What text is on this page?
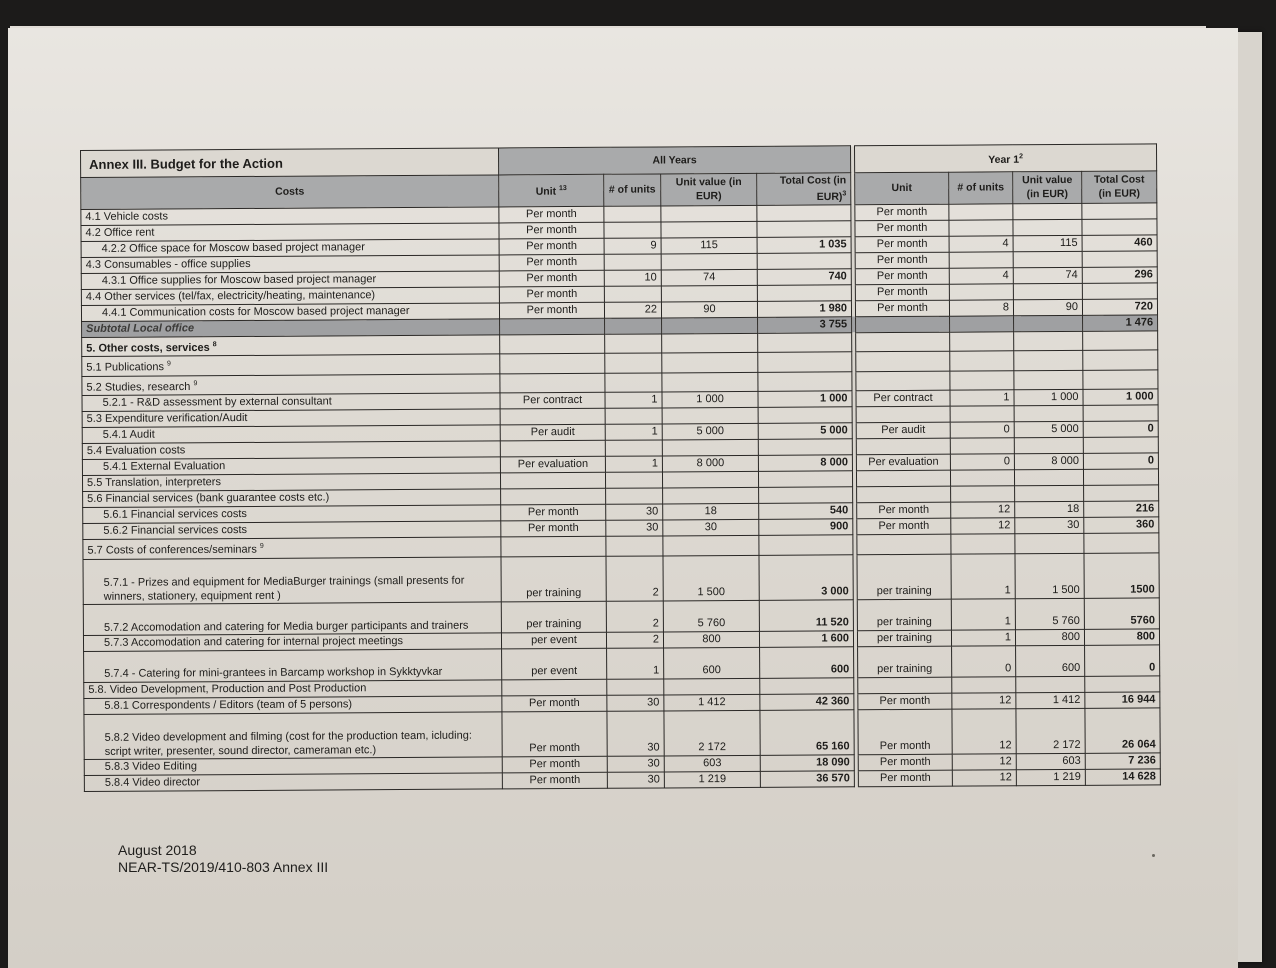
Annex III. Budget for the Action	All Years					Year $1^2$
Costs	Unit $^{13}$	# of units	Unit value (in EUR)	Total Cost (in EUR)$^3$		Unit	# of units	Unit value (in EUR)	Total Cost (in EUR)
4.1 Vehicle costs	Per month					Per month			
4.2 Office rent	Per month					Per month			
4.2.2 Office space for Moscow based project manager	Per month	9	115	1 035		Per month	4	115	460
4.3 Consumables - office supplies	Per month					Per month			
4.3.1 Office supplies for Moscow based project manager	Per month	10	74	740		Per month	4	74	296
4.4 Other services (tel/fax, electricity/heating, maintenance)	Per month					Per month			
4.4.1 Communication costs for Moscow based project manager	Per month	22	90	1 980		Per month	8	90	720
Subtotal Local office				3 755					1 476
5. Other costs, services $^8$									
5.1 Publications $^9$									
5.2 Studies, research $^9$									
5.2.1 - R&D assessment by external consultant	Per contract	1	1 000	1 000		Per contract	1	1 000	1 000
5.3 Expenditure verification/Audit									
5.4.1 Audit	Per audit	1	5 000	5 000		Per audit	0	5 000	0
5.4 Evaluation costs									
5.4.1 External Evaluation	Per evaluation	1	8 000	8 000		Per evaluation	0	8 000	0
5.5 Translation, interpreters									
5.6 Financial services (bank guarantee costs etc.)									
5.6.1 Financial services costs	Per month	30	18	540		Per month	12	18	216
5.6.2 Financial services costs	Per month	30	30	900		Per month	12	30	360
5.7 Costs of conferences/seminars $^9$									
5.7.1 - Prizes and equipment for MediaBurger trainings (small presents for winners, stationery, equipment rent )	per training	2	1 500	3 000		per training	1	1 500	1500
5.7.2 Accomodation and catering for Media burger participants and trainers	per training	2	5 760	11 520		per training	1	5 760	5760
5.7.3 Accomodation and catering for internal project meetings	per event	2	800	1 600		per training	1	800	800
5.7.4 - Catering for mini-grantees in Barcamp workshop in Sykktyvkar	per event	1	600	600		per training	0	600	0
5.8. Video Development, Production and Post Production									
5.8.1 Correspondents / Editors (team of 5 persons)	Per month	30	1 412	42 360		Per month	12	1 412	16 944
5.8.2 Video development and filming (cost for the production team, icluding: script writer, presenter, sound director, cameraman etc.)	Per month	30	2 172	65 160		Per month	12	2 172	26 064
5.8.3 Video Editing	Per month	30	603	18 090		Per month	12	603	7 236
5.8.4 Video director	Per month	30	1 219	36 570		Per month	12	1 219	14 628
August 2018
NEAR-TS/2019/410-803 Annex III
